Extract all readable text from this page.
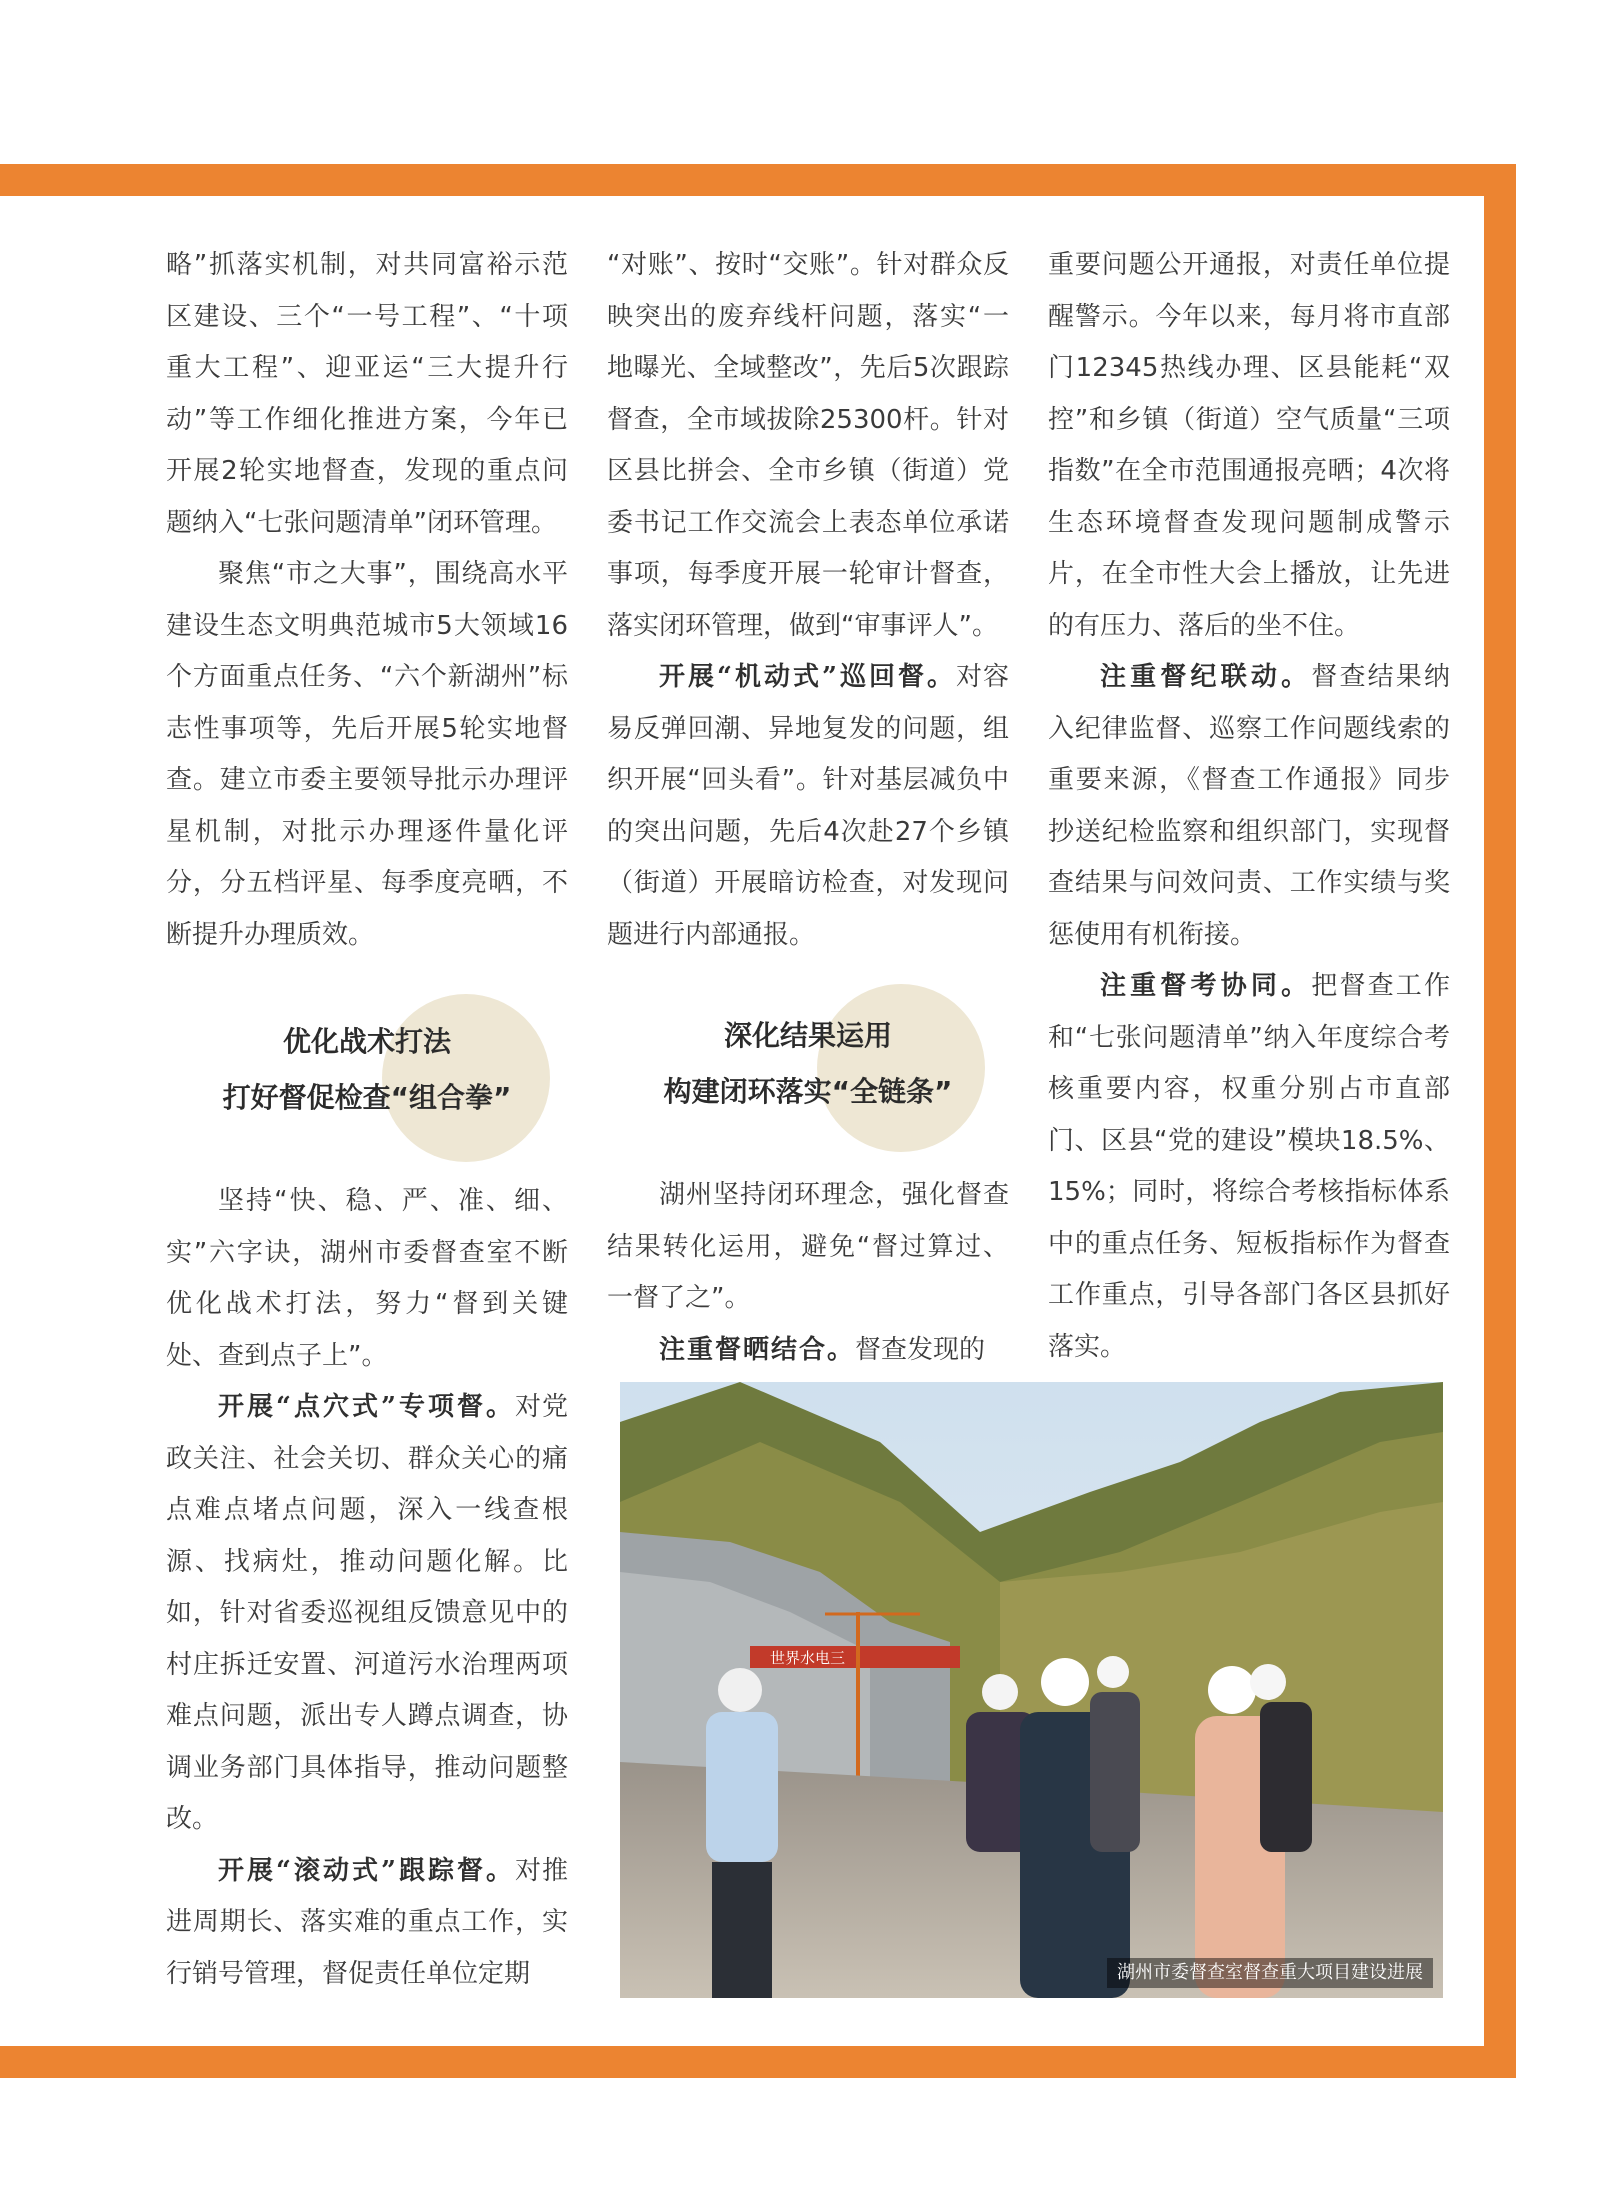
略”抓落实机制，对共同富裕示范区建设、三个“一号工程”、“十项重大工程”、迎亚运“三大提升行动”等工作细化推进方案，今年已开展2轮实地督查，发现的重点问题纳入“七张问题清单”闭环管理。

聚焦“市之大事”，围绕高水平建设生态文明典范城市5大领域16个方面重点任务、“六个新湖州”标志性事项等，先后开展5轮实地督查。建立市委主要领导批示办理评星机制，对批示办理逐件量化评分，分五档评星、每季度亮晒，不断提升办理质效。

优化战术打法
打好督促检查“组合拳”

坚持“快、稳、严、准、细、实”六字诀，湖州市委督查室不断优化战术打法，努力“督到关键处、查到点子上”。

开展“点穴式”专项督。对党政关注、社会关切、群众关心的痛点难点堵点问题，深入一线查根源、找病灶，推动问题化解。比如，针对省委巡视组反馈意见中的村庄拆迁安置、河道污水治理两项难点问题，派出专人蹲点调查，协调业务部门具体指导，推动问题整改。

开展“滚动式”跟踪督。对推进周期长、落实难的重点工作，实行销号管理，督促责任单位定期

“对账”、按时“交账”。针对群众反映突出的废弃线杆问题，落实“一地曝光、全域整改”，先后5次跟踪督查，全市域拔除25300杆。针对区县比拼会、全市乡镇（街道）党委书记工作交流会上表态单位承诺事项，每季度开展一轮审计督查，落实闭环管理，做到“审事评人”。

开展“机动式”巡回督。对容易反弹回潮、异地复发的问题，组织开展“回头看”。针对基层减负中的突出问题，先后4次赴27个乡镇（街道）开展暗访检查，对发现问题进行内部通报。

深化结果运用
构建闭环落实“全链条”

湖州坚持闭环理念，强化督查结果转化运用，避免“督过算过、一督了之”。

注重督晒结合。督查发现的

重要问题公开通报，对责任单位提醒警示。今年以来，每月将市直部门12345热线办理、区县能耗“双控”和乡镇（街道）空气质量“三项指数”在全市范围通报亮晒；4次将生态环境督查发现问题制成警示片，在全市性大会上播放，让先进的有压力、落后的坐不住。

注重督纪联动。督查结果纳入纪律监督、巡察工作问题线索的重要来源，《督查工作通报》同步抄送纪检监察和组织部门，实现督查结果与问效问责、工作实绩与奖惩使用有机衔接。

注重督考协同。把督查工作和“七张问题清单”纳入年度综合考核重要内容，权重分别占市直部门、区县“党的建设”模块18.5%、15%；同时，将综合考核指标体系中的重点任务、短板指标作为督查工作重点，引导各部门各区县抓好落实。

世界水电三
湖州市委督查室督查重大项目建设进展
